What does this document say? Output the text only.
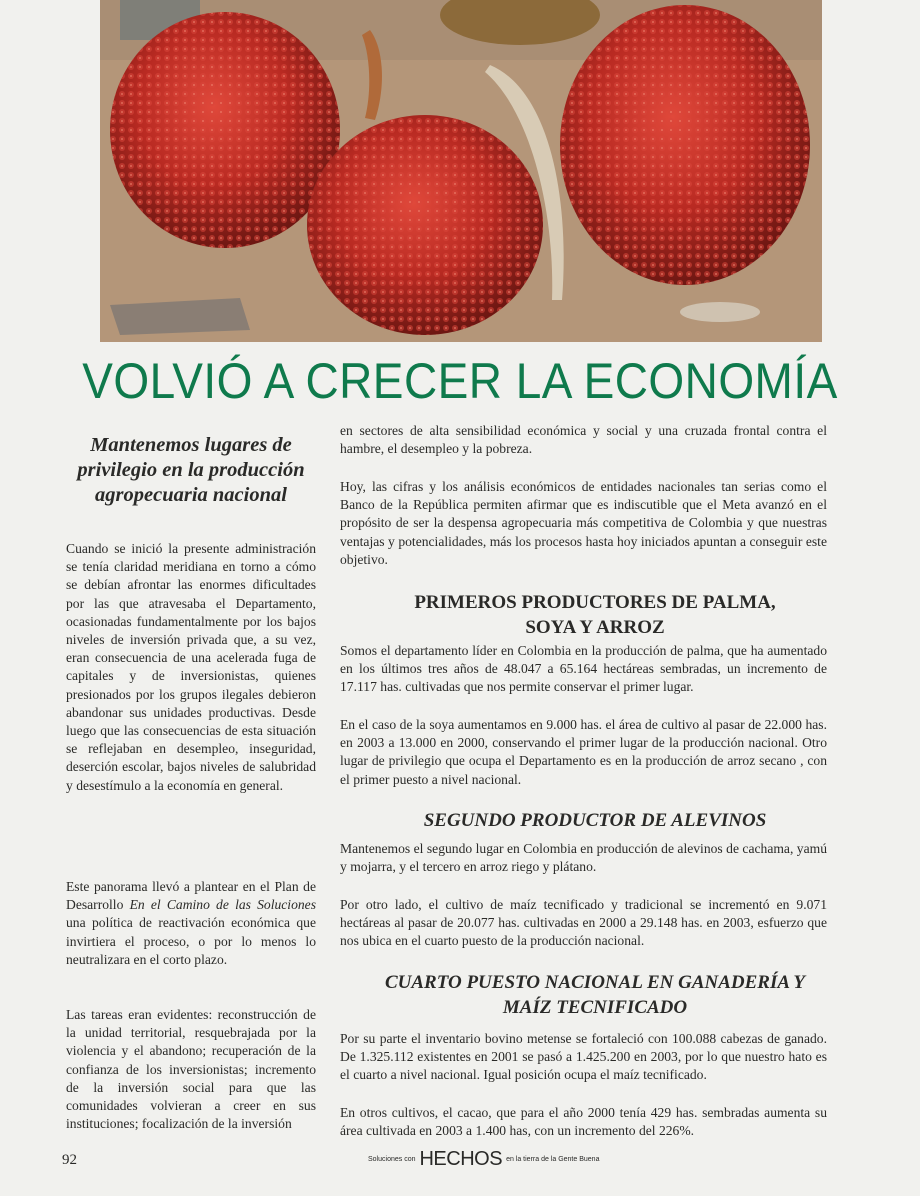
VOLVIÓ A CRECER LA ECONOMÍA
Mantenemos lugares de privilegio en la producción agropecuaria nacional
Cuando se inició la presente administración se tenía claridad meridiana en torno a cómo se debían afrontar las enormes dificultades por las que atravesaba el Departamento, ocasionadas fundamentalmente por los bajos niveles de inversión privada que, a su vez, eran consecuencia de una acelerada fuga de capitales y de inversionistas, quienes presionados por los grupos ilegales debieron abandonar sus unidades productivas. Desde luego que las consecuencias de esta situación se reflejaban en desempleo, inseguridad, deserción escolar, bajos niveles de salubridad y desestímulo a la economía en general.
Este panorama llevó a plantear en el Plan de Desarrollo En el Camino de las Soluciones una política de reactivación económica que invirtiera el proceso, o por lo menos lo neutralizara en el corto plazo.
Las tareas eran evidentes: reconstrucción de la unidad territorial, resquebrajada por la violencia y el abandono; recuperación de la confianza de los inversionistas; incremento de la inversión social para que las comunidades volvieran a creer en sus instituciones; focalización de la inversión
en sectores de alta sensibilidad económica y social y una cruzada frontal contra el hambre, el desempleo y la pobreza.
Hoy, las cifras y los análisis económicos de entidades nacionales tan serias como el Banco de la República permiten afirmar que es indiscutible que el Meta avanzó en el propósito de ser la despensa agropecuaria más competitiva de Colombia y que nuestras ventajas y potencialidades, más los procesos hasta hoy iniciados apuntan a conseguir este objetivo.
PRIMEROS PRODUCTORES DE PALMA,
SOYA Y ARROZ
Somos el departamento líder en Colombia en la producción de palma, que ha aumentado en los últimos tres años de 48.047 a 65.164 hectáreas sembradas, un incremento de 17.117 has. cultivadas que nos permite conservar el primer lugar.
En el caso de la soya aumentamos en 9.000 has. el área de cultivo al pasar de 22.000 has. en 2003 a 13.000 en 2000, conservando el primer lugar de la producción nacional. Otro lugar de privilegio que ocupa el Departamento es en la producción de arroz secano , con el primer puesto a nivel nacional.
SEGUNDO PRODUCTOR DE ALEVINOS
Mantenemos el segundo lugar en Colombia en producción de alevinos de cachama, yamú y mojarra, y el tercero en arroz riego y plátano.
Por otro lado, el cultivo de maíz tecnificado y tradicional se incrementó en 9.071 hectáreas al pasar de 20.077 has. cultivadas en 2000 a 29.148 has. en 2003, esfuerzo que nos ubica en el cuarto puesto de la producción nacional.
CUARTO PUESTO NACIONAL EN GANADERÍA Y
MAÍZ TECNIFICADO
Por su parte el inventario bovino metense se fortaleció con 100.088 cabezas de ganado. De 1.325.112 existentes en 2001 se pasó a 1.425.200 en 2003, por lo que nuestro hato es el cuarto a nivel nacional. Igual posición ocupa el maíz tecnificado.
En otros cultivos, el cacao, que para el año 2000 tenía 429 has. sembradas aumenta su área cultivada en 2003 a 1.400 has, con un incremento del 226%.
92	Soluciones con HECHOS en la tierra de la Gente Buena
